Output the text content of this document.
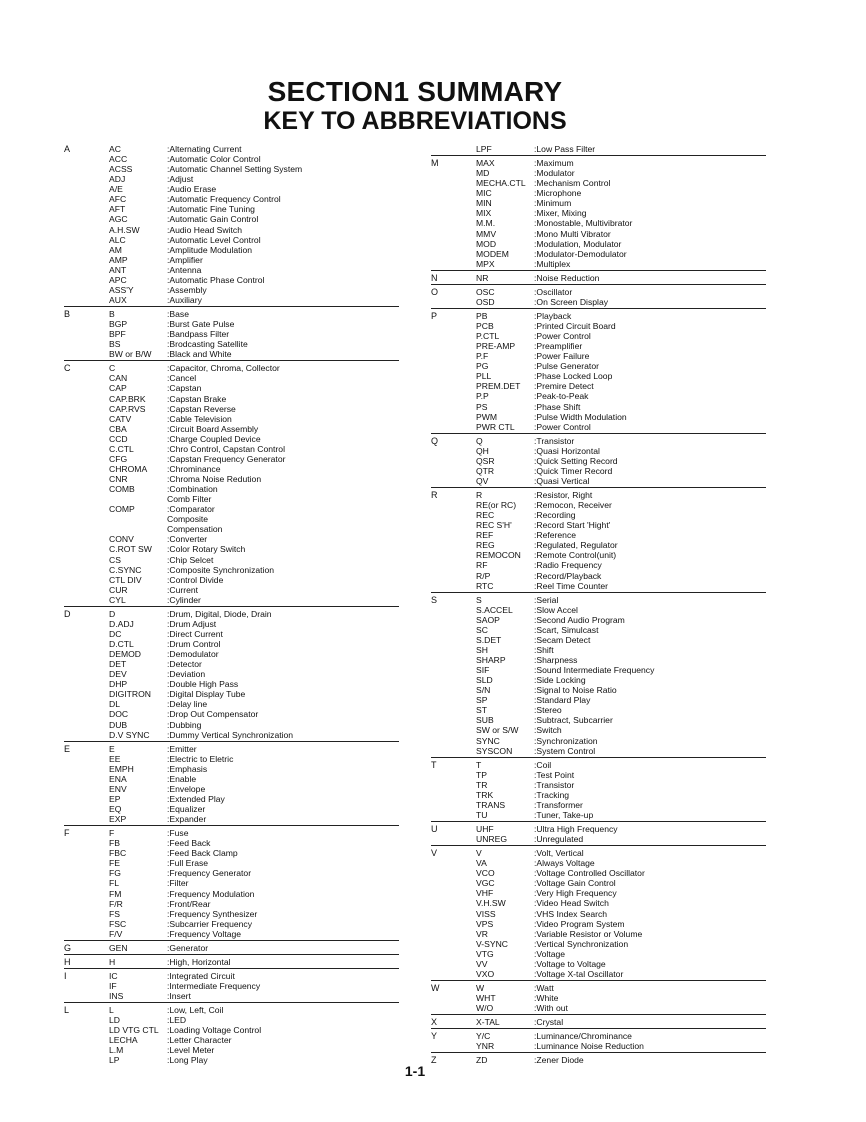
SECTION1 SUMMARY
KEY TO ABBREVIATIONS
A	AC	:Alternating Current
ACC	:Automatic Color Control
ACSS	:Automatic Channel Setting System
ADJ	:Adjust
A/E	:Audio Erase
AFC	:Automatic Frequency Control
AFT	:Automatic Fine Tuning
AGC	:Automatic Gain Control
A.H.SW	:Audio Head Switch
ALC	:Automatic Level Control
AM	:Amplitude Modulation
AMP	:Amplifier
ANT	:Antenna
APC	:Automatic Phase Control
ASS'Y	:Assembly
AUX	:Auxiliary
B	B	:Base
BGP	:Burst Gate Pulse
BPF	:Bandpass Filter
BS	:Brodcasting Satellite
BW or B/W	:Black and White
C	C	:Capacitor, Chroma, Collector
CAN	:Cancel
CAP	:Capstan
CAP.BRK	:Capstan Brake
CAP.RVS	:Capstan Reverse
CATV	:Cable Television
CBA	:Circuit Board Assembly
CCD	:Charge Coupled Device
C.CTL	:Chro Control, Capstan Control
CFG	:Capstan Frequency Generator
CHROMA	:Chrominance
CNR	:Chroma Noise Redution
COMB	:Combination
Comb Filter
COMP	:Comparator
Composite
Compensation
CONV	:Converter
C.ROT SW	:Color Rotary Switch
CS	:Chip Selcet
C.SYNC	:Composite Synchronization
CTL DIV	:Control Divide
CUR	:Current
CYL	:Cylinder
D	D	:Drum, Digital, Diode, Drain
D.ADJ	:Drum Adjust
DC	:Direct Current
D.CTL	:Drum Control
DEMOD	:Demodulator
DET	:Detector
DEV	:Deviation
DHP	:Double High Pass
DIGITRON	:Digital Display Tube
DL	:Delay line
DOC	:Drop Out Compensator
DUB	:Dubbing
D.V SYNC	:Dummy Vertical Synchronization
E	E	:Emitter
EE	:Electric to Eletric
EMPH	:Emphasis
ENA	:Enable
ENV	:Envelope
EP	:Extended Play
EQ	:Equalizer
EXP	:Expander
F	F	:Fuse
FB	:Feed Back
FBC	:Feed Back Clamp
FE	:Full Erase
FG	:Frequency Generator
FL	:Filter
FM	:Frequency Modulation
F/R	:Front/Rear
FS	:Frequency Synthesizer
FSC	:Subcarrier Frequency
F/V	:Frequency Voltage
G	GEN	:Generator
H	H	:High, Horizontal
I	IC	:Integrated Circuit
IF	:Intermediate Frequency
INS	:Insert
L	L	:Low, Left, Coil
LD	:LED
LD VTG CTL :Loading Voltage Control
LECHA	:Letter Character
L.M	:Level Meter
LP	:Long Play
LPF	:Low Pass Filter
M	MAX	:Maximum
MD	:Modulator
MECHA.CTL :Mechanism Control
MIC	:Microphone
MIN	:Minimum
MIX	:Mixer, Mixing
M.M.	:Monostable, Multivibrator
MMV	:Mono Multi Vibrator
MOD	:Modulation, Modulator
MODEM	:Modulator-Demodulator
MPX	:Multiplex
N	NR	:Noise Reduction
O	OSC	:Oscillator
OSD	:On Screen Display
P	PB	:Playback
PCB	:Printed Circuit Board
P.CTL	:Power Control
PRE-AMP	:Preamplifier
P.F	:Power Failure
PG	:Pulse Generator
PLL	:Phase Locked Loop
PREM.DET	:Premire Detect
P.P	:Peak-to-Peak
PS	:Phase Shift
PWM	:Pulse Width Modulation
PWR CTL	:Power Control
Q	Q	:Transistor
QH	:Quasi Horizontal
QSR	:Quick Setting Record
QTR	:Quick Timer Record
QV	:Quasi Vertical
R	R	:Resistor, Right
RE(or RC)	:Remocon, Receiver
REC	:Recording
REC S'H'	:Record Start 'Hight'
REF	:Reference
REG	:Regulated, Regulator
REMOCON	:Remote Control(unit)
RF	:Radio Frequency
R/P	:Record/Playback
RTC	:Reel Time Counter
S	S	:Serial
S.ACCEL	:Slow Accel
SAOP	:Second Audio Program
SC	:Scart, Simulcast
S.DET	:Secam Detect
SH	:Shift
SHARP	:Sharpness
SIF	:Sound Intermediate Frequency
SLD	:Side Locking
S/N	:Signal to Noise Ratio
SP	:Standard Play
ST	:Stereo
SUB	:Subtract, Subcarrier
SW or S/W	:Switch
SYNC	:Synchronization
SYSCON	:System Control
T	T	:Coil
TP	:Test Point
TR	:Transistor
TRK	:Tracking
TRANS	:Transformer
TU	:Tuner, Take-up
U	UHF	:Ultra High Frequency
UNREG	:Unregulated
V	V	:Volt, Vertical
VA	:Always Voltage
VCO	:Voltage Controlled Oscillator
VGC	:Voltage Gain Control
VHF	:Very High Frequency
V.H.SW	:Video Head Switch
VISS	:VHS Index Search
VPS	:Video Program System
VR	:Variable Resistor or Volume
V-SYNC	:Vertical Synchronization
VTG	:Voltage
VV	:Voltage to Voltage
VXO	:Voltage X-tal Oscillator
W	W	:Watt
WHT	:White
W/O	:With out
X	X-TAL	:Crystal
Y	Y/C	:Luminance/Chrominance
YNR	:Luminance Noise Reduction
Z	ZD	:Zener Diode
1-1
